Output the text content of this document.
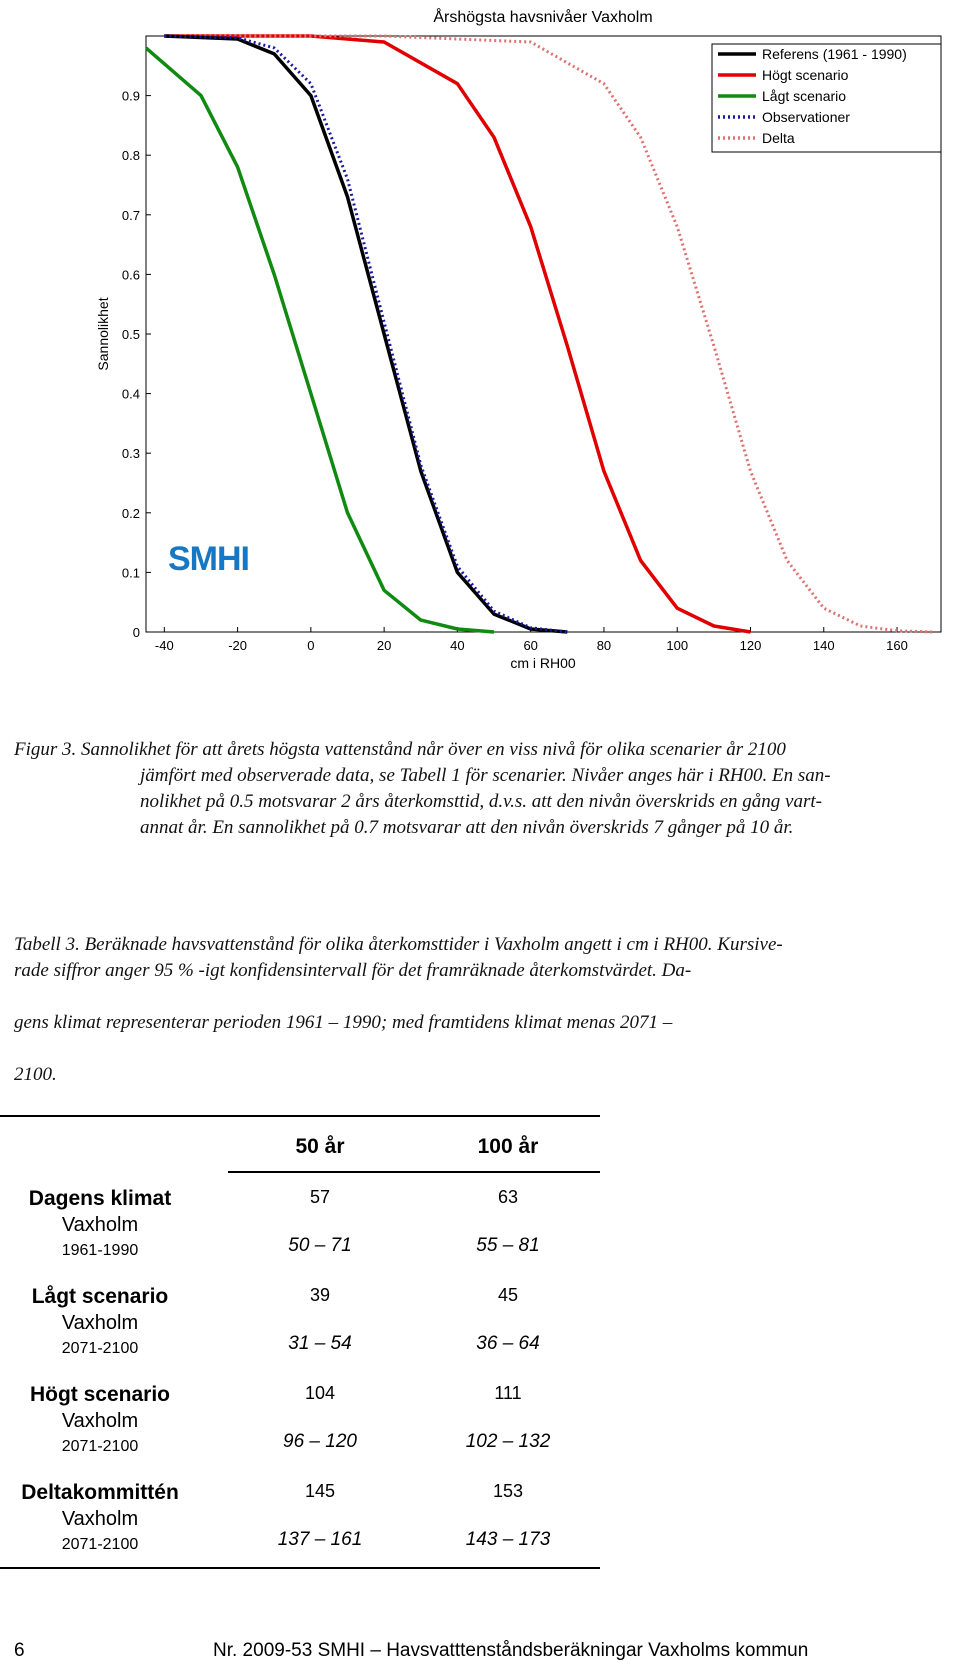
Årshögsta havsnivåer Vaxholm
0
0.1
0.2
0.3
0.4
0.5
0.6
0.7
0.8
0.9
-40	-20	0	20	40	60	80	100	120	140	160
Sannolikhet
cm i RH00
SMHI
Referens (1961 - 1990)
Högt scenario
Lågt scenario
Observationer
Delta

Figur 3. Sannolikhet för att årets högsta vattenstånd når över en viss nivå för olika scenarier år 2100
jämfört med observerade data, se Tabell 1 för scenarier. Nivåer anges här i RH00. En san-
nolikhet på 0.5 motsvarar 2 års återkomsttid, d.v.s. att den nivån överskrids en gång vart-
annat år. En sannolikhet på 0.7 motsvarar att den nivån överskrids 7 gånger på 10 år.

Tabell 3. Beräknade havsvattenstånd för olika återkomsttider i Vaxholm angett i cm i RH00. Kursive-

rade siffror anger 95 % -igt konfidensintervall för det framräknade återkomstvärdet. Da-

gens klimat representerar perioden 1961 – 1990; med framtidens klimat menas 2071 –

2100.

50 år	100 år
Dagens klimat
Vaxholm
1961-1990
57	63
50 – 71	55 – 81
Lågt scenario
Vaxholm
2071-2100
39	45
31 – 54	36 – 64
Högt scenario
Vaxholm
2071-2100
104	111
96 – 120	102 – 132
Deltakommittén
Vaxholm
2071-2100
145	153
137 – 161	143 – 173
6	Nr. 2009-53 SMHI – Havsvatttenståndsberäkningar Vaxholms kommun
